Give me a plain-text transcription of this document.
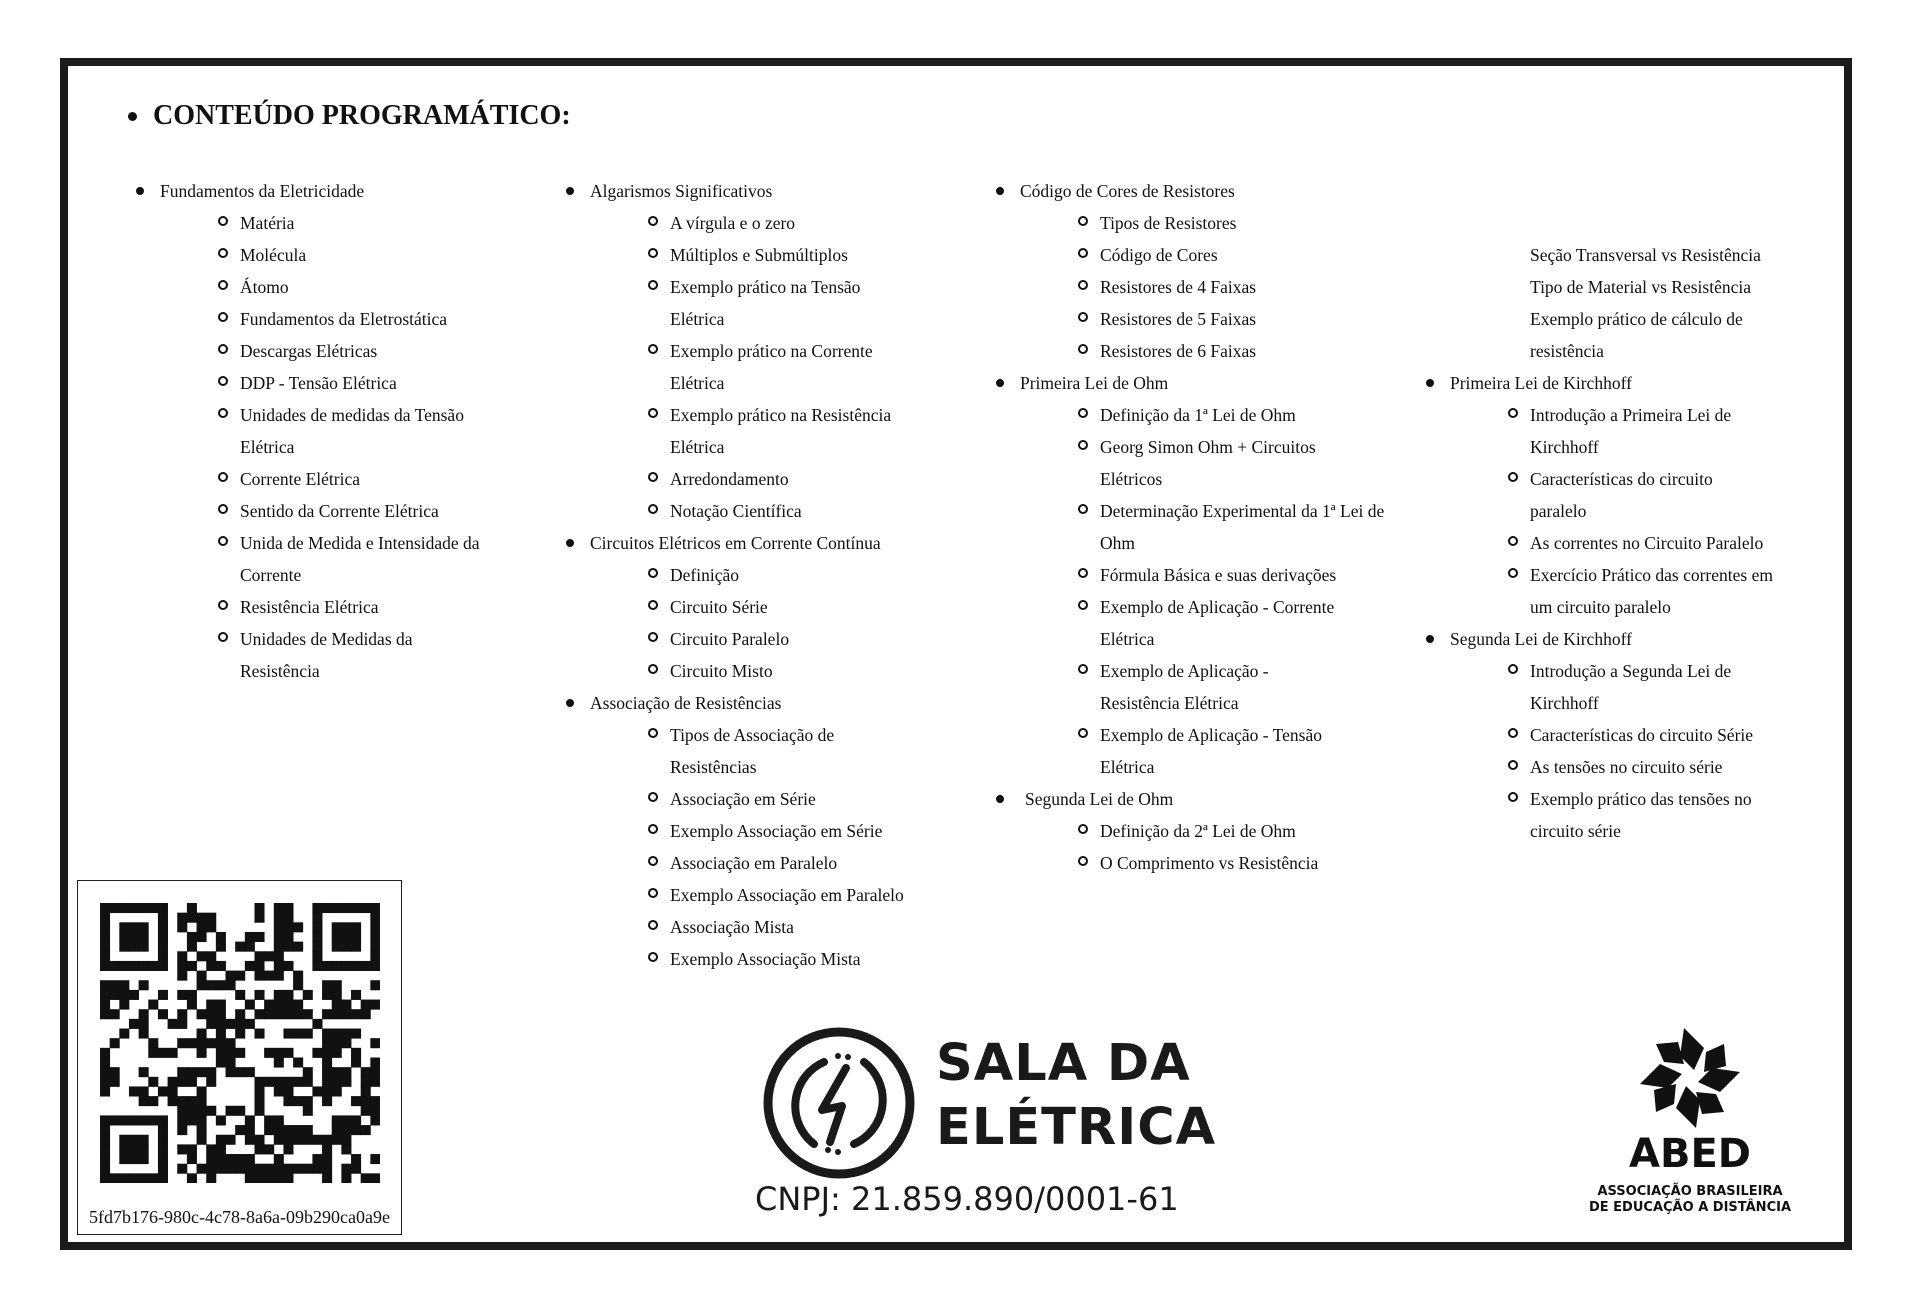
CONTEÚDO PROGRAMÁTICO:
Fundamentos da Eletricidade
Matéria
Molécula
Átomo
Fundamentos da Eletrostática
Descargas Elétricas
DDP - Tensão Elétrica
Unidades de medidas da Tensão Elétrica
Corrente Elétrica
Sentido da Corrente Elétrica
Unida de Medida e Intensidade da Corrente
Resistência Elétrica
Unidades de Medidas da Resistência
Algarismos Significativos
A vírgula e o zero
Múltiplos e Submúltiplos
Exemplo prático na Tensão Elétrica
Exemplo prático na Corrente Elétrica
Exemplo prático na Resistência Elétrica
Arredondamento
Notação Científica
Circuitos Elétricos em Corrente Contínua
Definição
Circuito Série
Circuito Paralelo
Circuito Misto
Associação de Resistências
Tipos de Associação de Resistências
Associação em Série
Exemplo Associação em Série
Associação em Paralelo
Exemplo Associação em Paralelo
Associação Mista
Exemplo Associação Mista
Código de Cores de Resistores
Tipos de Resistores
Código de Cores
Resistores de 4 Faixas
Resistores de 5 Faixas
Resistores de 6 Faixas
Primeira Lei de Ohm
Definição da 1ª Lei de Ohm
Georg Simon Ohm + Circuitos Elétricos
Determinação Experimental da 1ª Lei de Ohm
Fórmula Básica e suas derivações
Exemplo de Aplicação - Corrente Elétrica
Exemplo de Aplicação - Resistência Elétrica
Exemplo de Aplicação - Tensão Elétrica
Segunda Lei de Ohm
Definição da 2ª Lei de Ohm
O Comprimento vs Resistência
Seção Transversal vs Resistência
Tipo de Material vs Resistência
Exemplo prático de cálculo de resistência
Primeira Lei de Kirchhoff
Introdução a Primeira Lei de Kirchhoff
Características do circuito paralelo
As correntes no Circuito Paralelo
Exercício Prático das correntes em um circuito paralelo
Segunda Lei de Kirchhoff
Introdução a Segunda Lei de Kirchhoff
Características do circuito Série
As tensões no circuito série
Exemplo prático das tensões no circuito série
5fd7b176-980c-4c78-8a6a-09b290ca0a9e
SALA DA
ELÉTRICA
CNPJ: 21.859.890/0001-61
ABED
ASSOCIAÇÃO BRASILEIRA
DE EDUCAÇÃO A DISTÂNCIA
